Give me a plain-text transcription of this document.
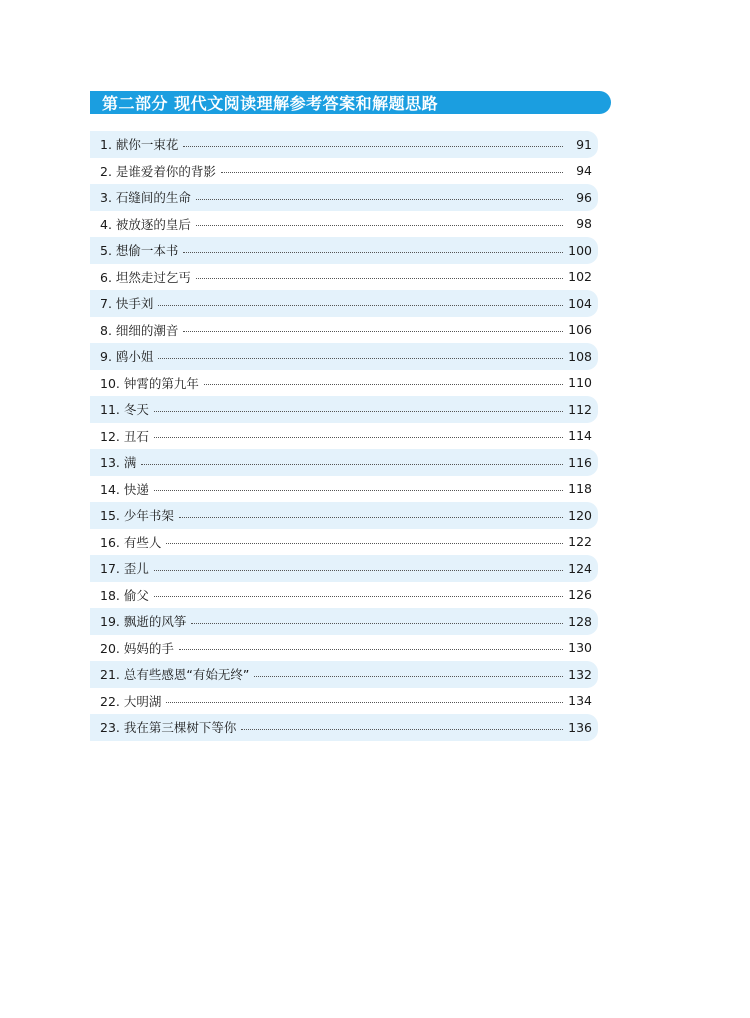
第二部分 现代文阅读理解参考答案和解题思路
1. 献你一束花	91
2. 是谁爱着你的背影	94
3. 石缝间的生命	96
4. 被放逐的皇后	98
5. 想偷一本书	100
6. 坦然走过乞丐	102
7. 快手刘	104
8. 细细的潮音	106
9. 鸥小姐	108
10. 钟霄的第九年	110
11. 冬天	112
12. 丑石	114
13. 满	116
14. 快递	118
15. 少年书架	120
16. 有些人	122
17. 歪儿	124
18. 偷父	126
19. 飘逝的风筝	128
20. 妈妈的手	130
21. 总有些感恩“有始无终”	132
22. 大明湖	134
23. 我在第三棵树下等你	136
